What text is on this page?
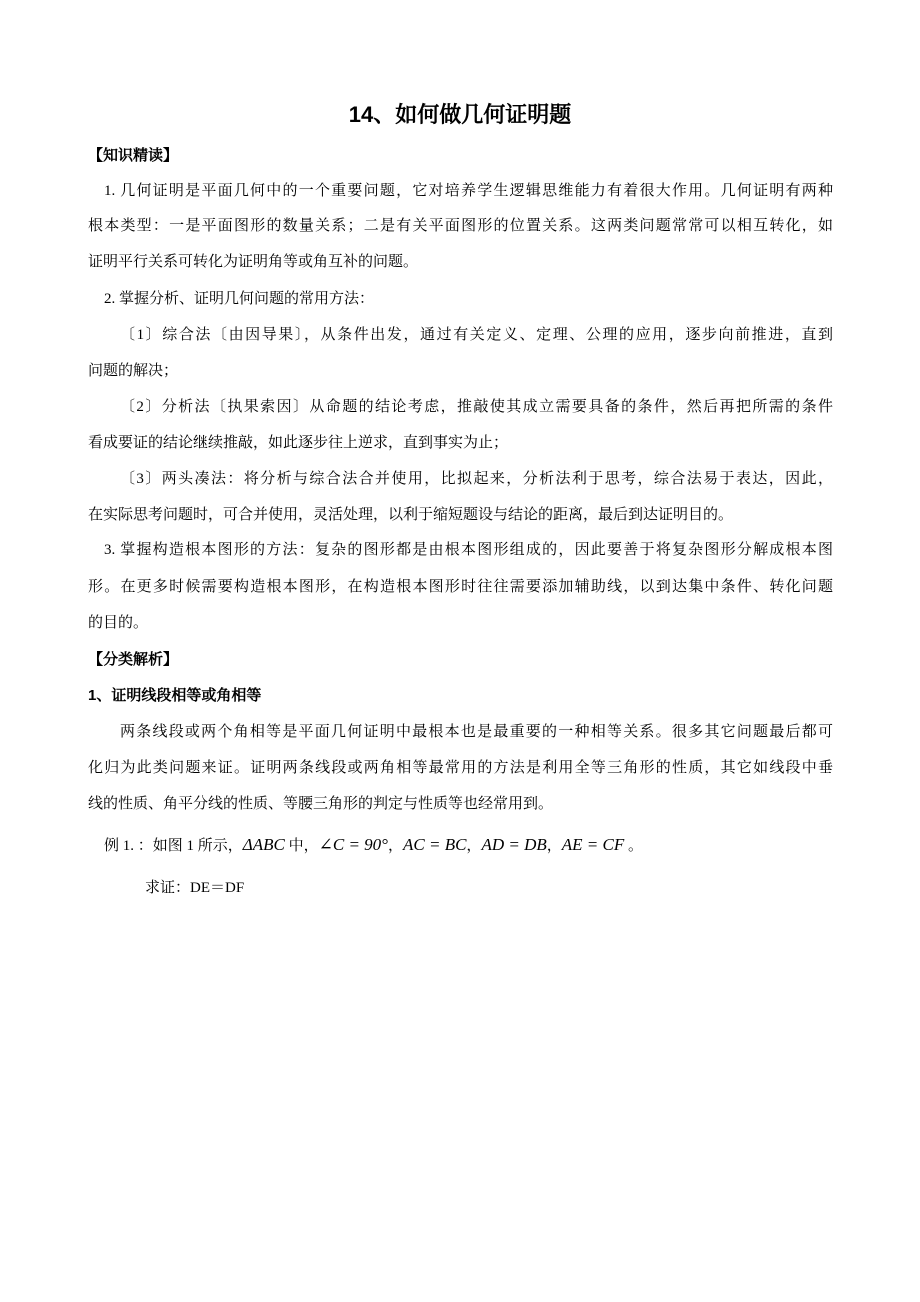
14、如何做几何证明题
【知识精读】
1. 几何证明是平面几何中的一个重要问题，它对培养学生逻辑思维能力有着很大作用。几何证明有两种
根本类型：一是平面图形的数量关系；二是有关平面图形的位置关系。这两类问题常常可以相互转化，如
证明平行关系可转化为证明角等或角互补的问题。
2. 掌握分析、证明几何问题的常用方法：
〔1〕综合法〔由因导果〕，从条件出发，通过有关定义、定理、公理的应用，逐步向前推进，直到
问题的解决；
〔2〕分析法〔执果索因〕从命题的结论考虑，推敲使其成立需要具备的条件，然后再把所需的条件
看成要证的结论继续推敲，如此逐步往上逆求，直到事实为止；
〔3〕两头凑法：将分析与综合法合并使用，比拟起来，分析法利于思考，综合法易于表达，因此，
在实际思考问题时，可合并使用，灵活处理，以利于缩短题设与结论的距离，最后到达证明目的。
3. 掌握构造根本图形的方法：复杂的图形都是由根本图形组成的，因此要善于将复杂图形分解成根本图
形。在更多时候需要构造根本图形，在构造根本图形时往往需要添加辅助线，以到达集中条件、转化问题
的目的。
【分类解析】
1、证明线段相等或角相等
两条线段或两个角相等是平面几何证明中最根本也是最重要的一种相等关系。很多其它问题最后都可
化归为此类问题来证。证明两条线段或两角相等最常用的方法是利用全等三角形的性质，其它如线段中垂
线的性质、角平分线的性质、等腰三角形的判定与性质等也经常用到。
例 1. ：如图 1 所示，ΔABC 中，∠C = 90°，AC = BC，AD = DB，AE = CF 。
求证：DE＝DF
